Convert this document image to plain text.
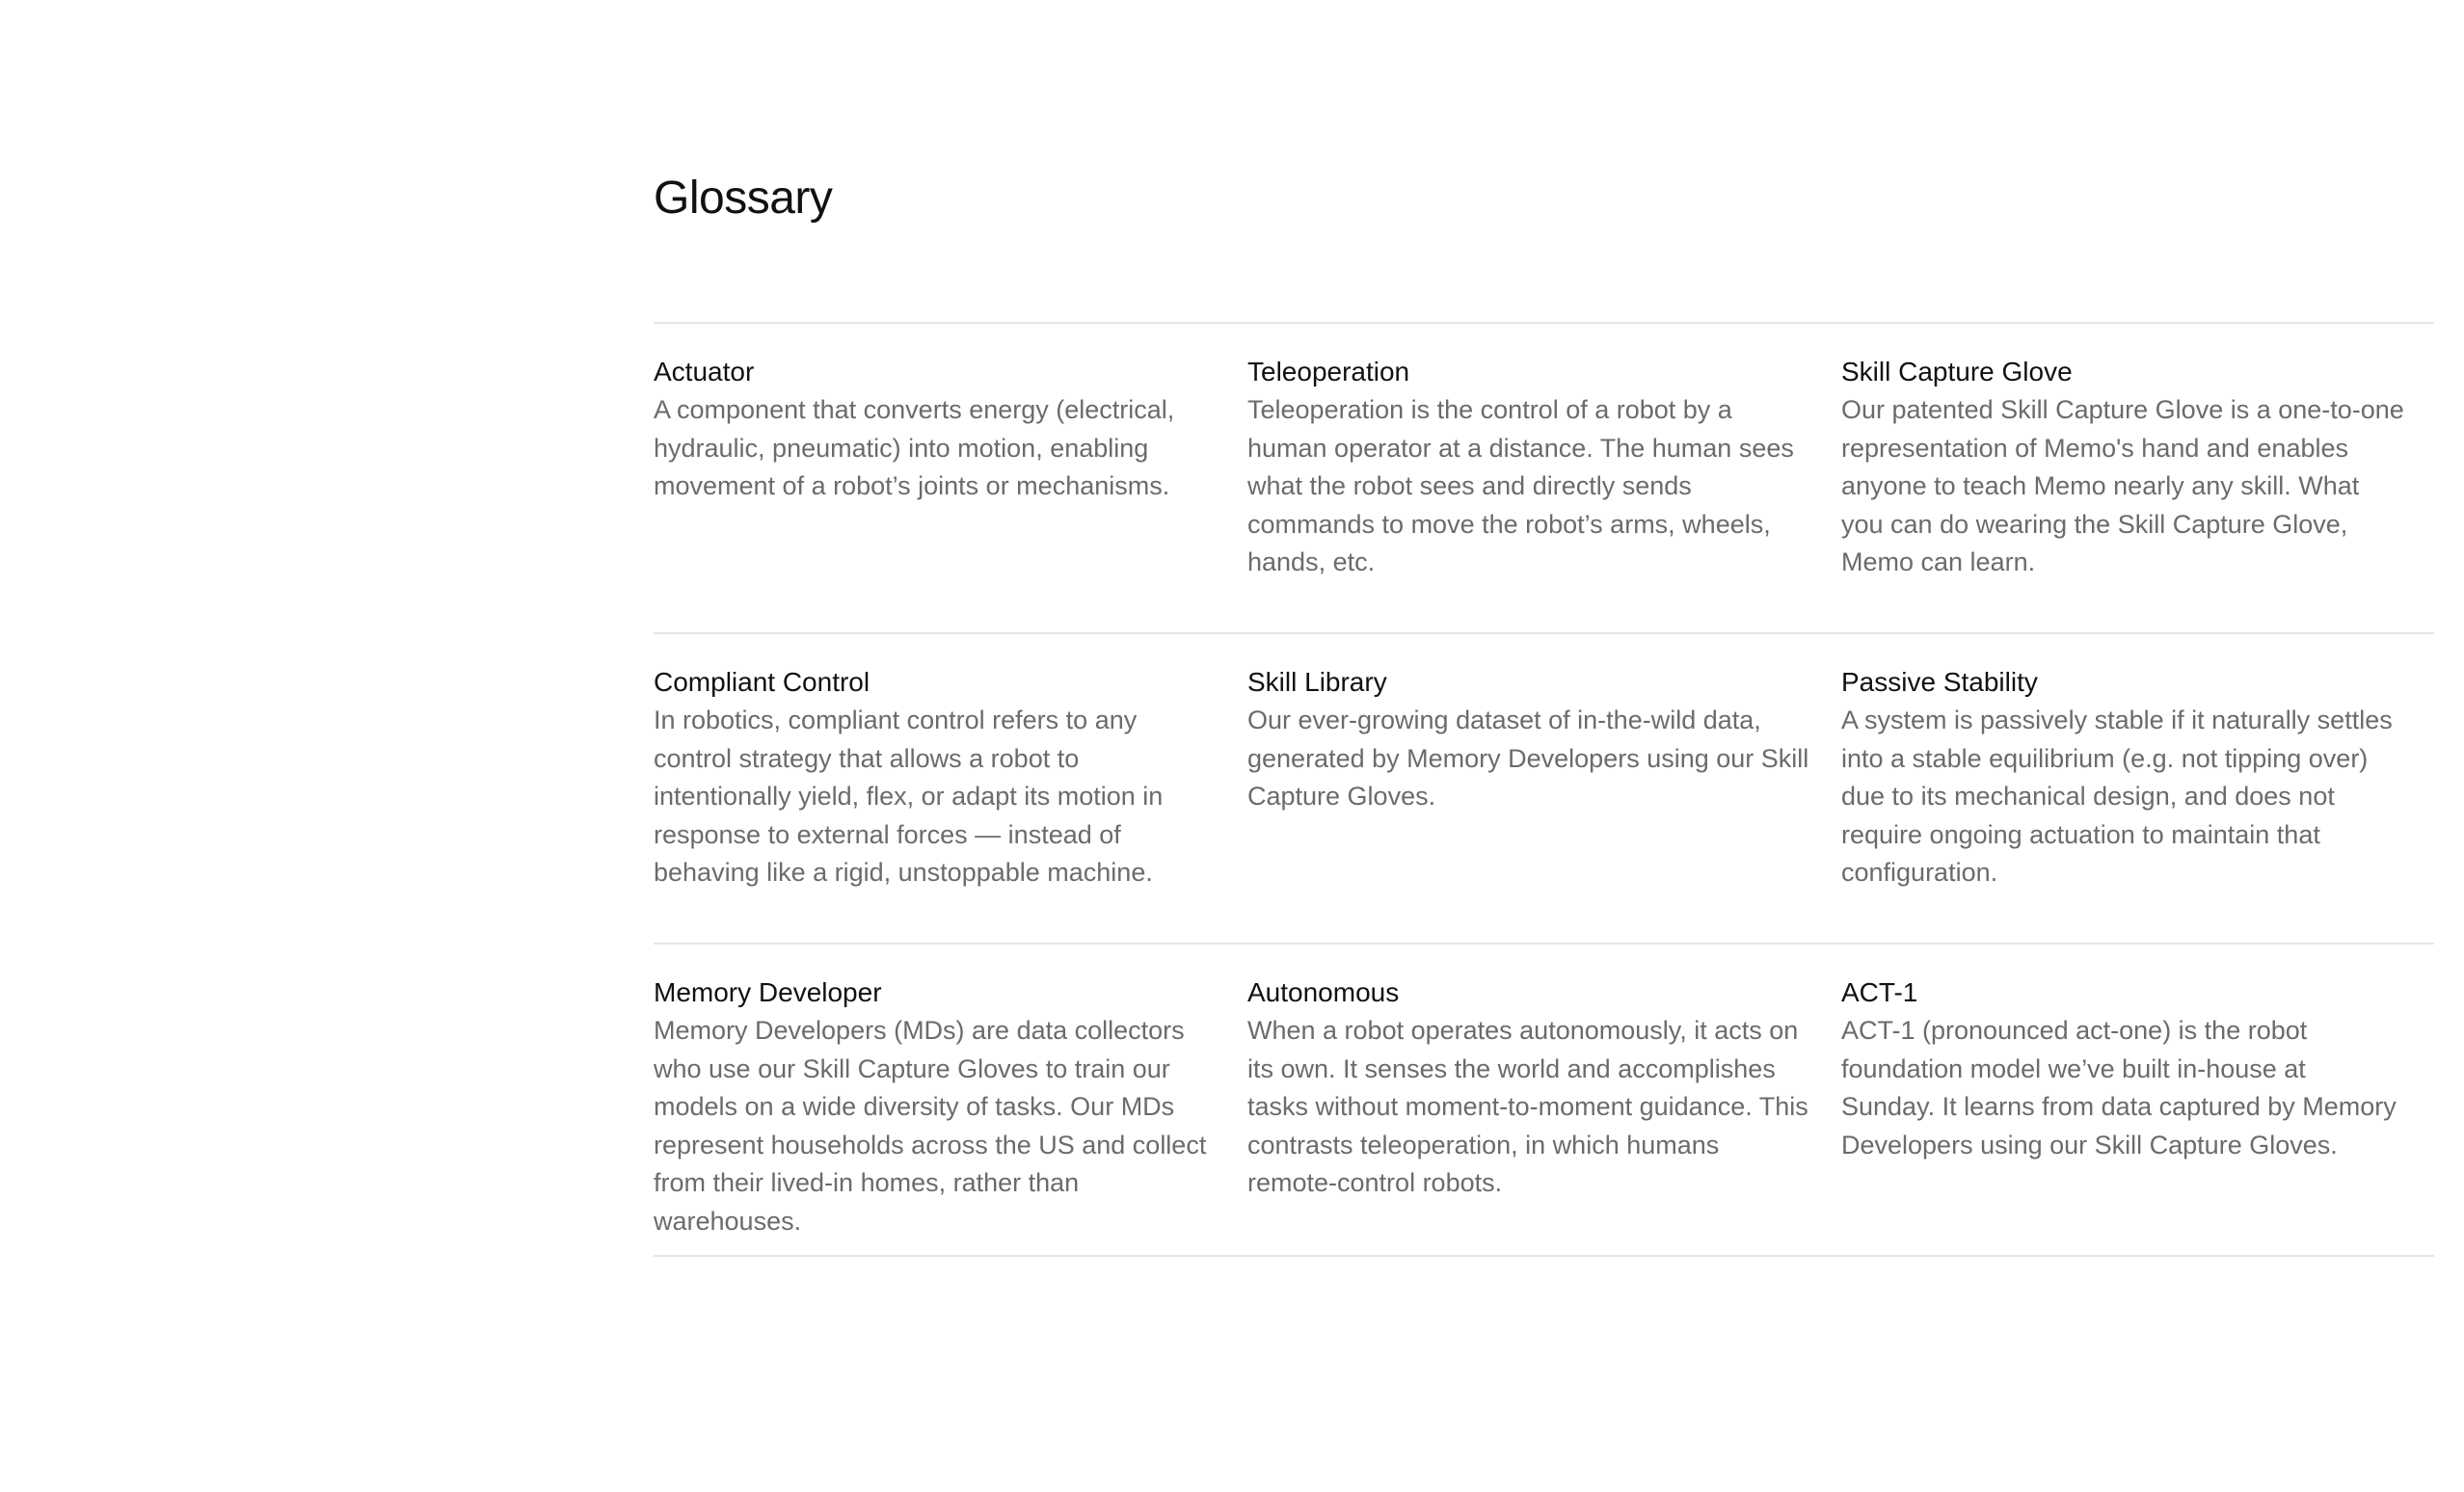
Glossary

Actuator

A component that converts energy (electrical, hydraulic, pneumatic) into motion, enabling movement of a robot’s joints or mechanisms.

Teleoperation

Teleoperation is the control of a robot by a human operator at a distance. The human sees what the robot sees and directly sends commands to move the robot’s arms, wheels, hands, etc.

Skill Capture Glove

Our patented Skill Capture Glove is a one-to-one representation of Memo's hand and enables anyone to teach Memo nearly any skill. What you can do wearing the Skill Capture Glove, Memo can learn.

Compliant Control

In robotics, compliant control refers to any control strategy that allows a robot to intentionally yield, flex, or adapt its motion in response to external forces — instead of behaving like a rigid, unstoppable machine.

Skill Library

Our ever-growing dataset of in-the-wild data, generated by Memory Developers using our Skill Capture Gloves.

Passive Stability

A system is passively stable if it naturally settles into a stable equilibrium (e.g. not tipping over) due to its mechanical design, and does not require ongoing actuation to maintain that configuration.

Memory Developer

Memory Developers (MDs) are data collectors who use our Skill Capture Gloves to train our models on a wide diversity of tasks. Our MDs represent households across the US and collect from their lived-in homes, rather than warehouses.

Autonomous

When a robot operates autonomously, it acts on its own. It senses the world and accomplishes tasks without moment-to-moment guidance. This contrasts teleoperation, in which humans remote-control robots.

ACT-1

ACT-1 (pronounced act-one) is the robot foundation model we’ve built in-house at Sunday. It learns from data captured by Memory Developers using our Skill Capture Gloves.
